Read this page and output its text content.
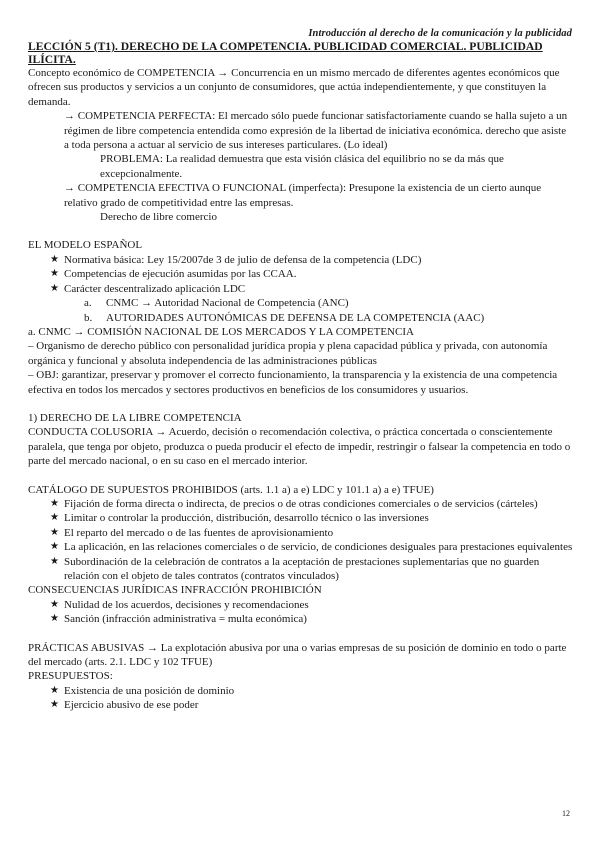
Introducción al derecho de la comunicación y la publicidad

LECCIÓN 5 (T1). DERECHO DE LA COMPETENCIA. PUBLICIDAD COMERCIAL. PUBLICIDAD ILÍCITA.

Concepto económico de COMPETENCIA → Concurrencia en un mismo mercado de diferentes agentes económicos que ofrecen sus productos y servicios a un conjunto de consumidores, que actúa independientemente, y que constituyen la demanda.

→ COMPETENCIA PERFECTA: El mercado sólo puede funcionar satisfactoriamente cuando se halla sujeto a un régimen de libre competencia entendida como expresión de la libertad de iniciativa económica. derecho que asiste a toda persona a actuar al servicio de sus intereses particulares. (Lo ideal)

PROBLEMA: La realidad demuestra que esta visión clásica del equilibrio no se da más que excepcionalmente.

→ COMPETENCIA EFECTIVA O FUNCIONAL (imperfecta): Presupone la existencia de un cierto aunque relativo grado de competitividad entre las empresas.

Derecho de libre comercio

EL MODELO ESPAÑOL

★ Normativa básica: Ley 15/2007de 3 de julio de defensa de la competencia (LDC)
★ Competencias de ejecución asumidas por las CCAA.
★ Carácter descentralizado aplicación LDC
a. CNMC → Autoridad Nacional de Competencia (ANC)
b. AUTORIDADES AUTONÓMICAS DE DEFENSA DE LA COMPETENCIA (AAC)

a. CNMC → COMISIÓN NACIONAL DE LOS MERCADOS Y LA COMPETENCIA

– Organismo de derecho público con personalidad jurídica propia y plena capacidad pública y privada, con autonomía orgánica y funcional y absoluta independencia de las administraciones públicas

– OBJ: garantizar, preservar y promover el correcto funcionamiento, la transparencia y la existencia de una competencia efectiva en todos los mercados y sectores productivos en beneficios de los consumidores y usuarios.

1) DERECHO DE LA LIBRE COMPETENCIA

CONDUCTA COLUSORIA → Acuerdo, decisión o recomendación colectiva, o práctica concertada o conscientemente paralela, que tenga por objeto, produzca o pueda producir el efecto de impedir, restringir o falsear la competencia en todo o parte del mercado nacional, o en su caso en el mercado interior.

CATÁLOGO DE SUPUESTOS PROHIBIDOS (arts. 1.1 a) a e) LDC y 101.1 a) a e) TFUE)

★ Fijación de forma directa o indirecta, de precios o de otras condiciones comerciales o de servicios (cárteles)
★ Limitar o controlar la producción, distribución, desarrollo técnico o las inversiones
★ El reparto del mercado o de las fuentes de aprovisionamiento
★ La aplicación, en las relaciones comerciales o de servicio, de condiciones desiguales para prestaciones equivalentes
★ Subordinación de la celebración de contratos a la aceptación de prestaciones suplementarias que no guarden relación con el objeto de tales contratos (contratos vinculados)

CONSECUENCIAS JURÍDICAS INFRACCIÓN PROHIBICIÓN

★ Nulidad de los acuerdos, decisiones y recomendaciones
★ Sanción (infracción administrativa = multa económica)

PRÁCTICAS ABUSIVAS → La explotación abusiva por una o varias empresas de su posición de dominio en todo o parte del mercado (arts. 2.1. LDC y 102 TFUE)

PRESUPUESTOS:

★ Existencia de una posición de dominio
★ Ejercicio abusivo de ese poder
12
